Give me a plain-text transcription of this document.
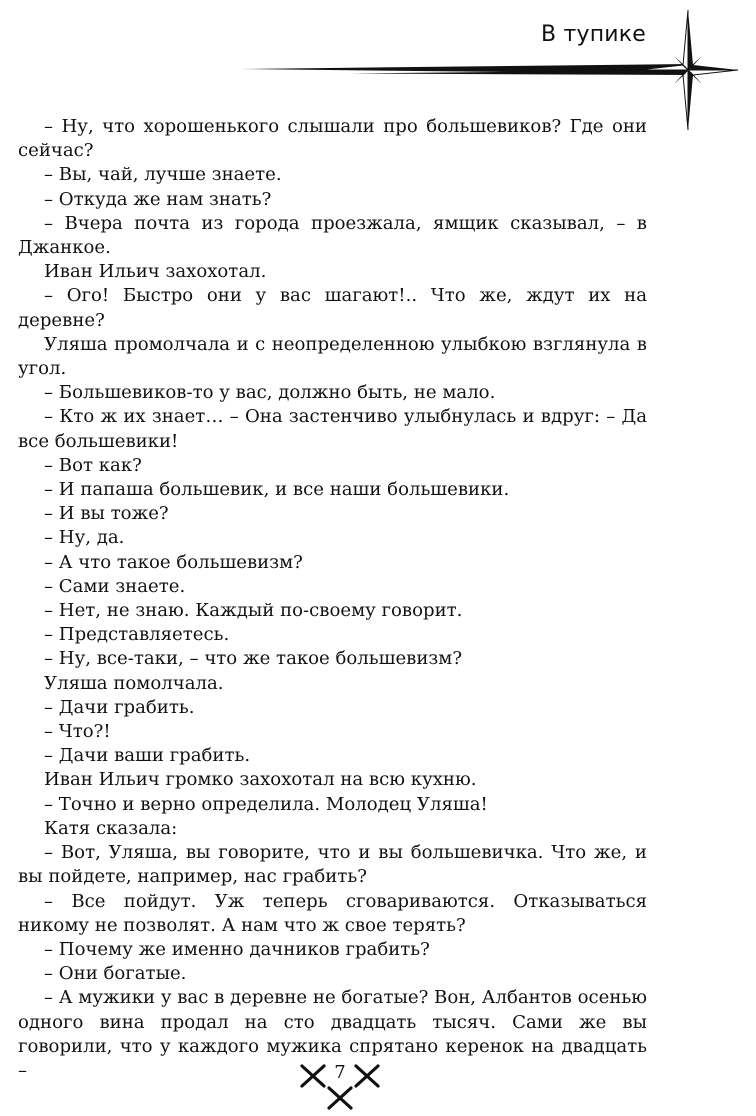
В тупике

– Ну, что хорошенького слышали про большевиков? Где они сейчас?

– Вы, чай, лучше знаете.

– Откуда же нам знать?

– Вчера почта из города проезжала, ямщик сказывал, – в Джанкое.

Иван Ильич захохотал.

– Ого! Быстро они у вас шагают!.. Что же, ждут их на деревне?

Уляша промолчала и с неопределенною улыбкою взглянула в угол.

– Большевиков-то у вас, должно быть, не мало.

– Кто ж их знает… – Она застенчиво улыбнулась и вдруг: – Да все большевики!

– Вот как?

– И папаша большевик, и все наши большевики.

– И вы тоже?

– Ну, да.

– А что такое большевизм?

– Сами знаете.

– Нет, не знаю. Каждый по-своему говорит.

– Представляетесь.

– Ну, все-таки, – что же такое большевизм?

Уляша помолчала.

– Дачи грабить.

– Что?!

– Дачи ваши грабить.

Иван Ильич громко захохотал на всю кухню.

– Точно и верно определила. Молодец Уляша!

Катя сказала:

– Вот, Уляша, вы говорите, что и вы большевичка. Что же, и вы пойдете, например, нас грабить?

– Все пойдут. Уж теперь сговариваются. Отказываться никому не позволят. А нам что ж свое терять?

– Почему же именно дачников грабить?

– Они богатые.

– А мужики у вас в деревне не богатые? Вон, Албантов осенью одного вина продал на сто двадцать тысяч. Сами же вы говорили, что у каждого мужика спрятано керенок на двадцать –	7
